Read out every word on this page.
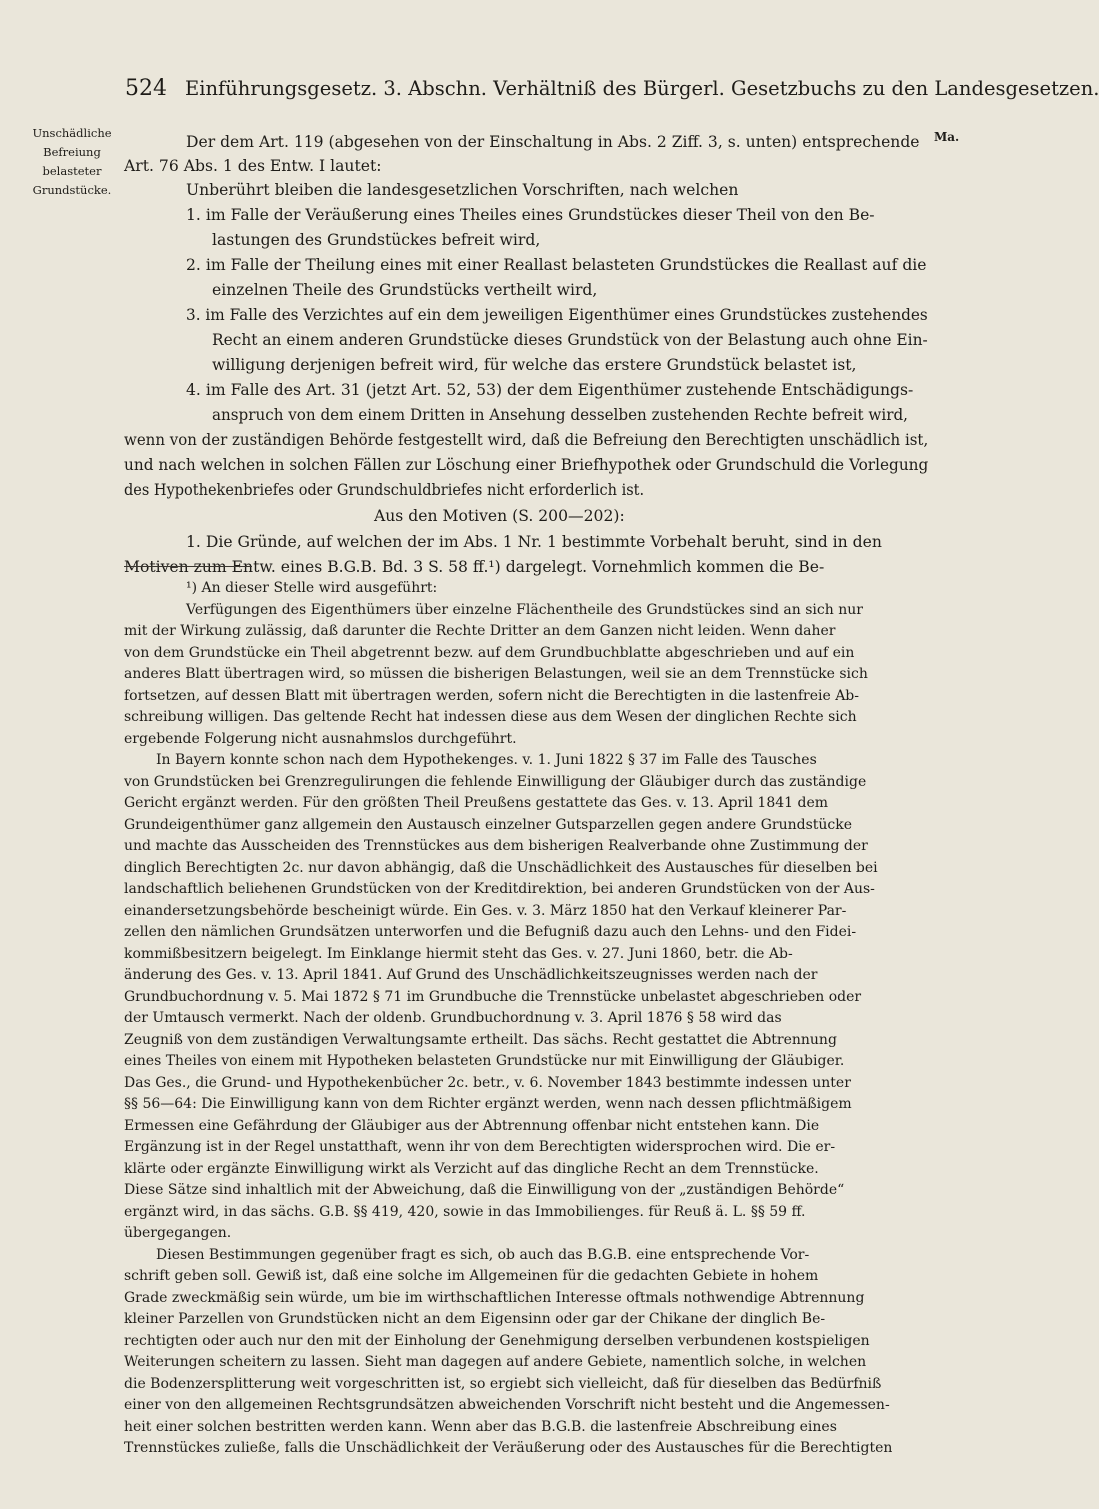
524 Einführungsgesetz. 3. Abschn. Verhältniß des Bürgerl. Gesetzbuchs zu den Landesgesetzen.
Unschädliche
Befreiung
belasteter
Grundstücke.
Ma.
Der dem Art. 119 (abgesehen von der Einschaltung in Abs. 2 Ziff. 3, s. unten) entsprechende
Art. 76 Abs. 1 des Entw. I lautet:
Unberührt bleiben die landesgesetzlichen Vorschriften, nach welchen
1. im Falle der Veräußerung eines Theiles eines Grundstückes dieser Theil von den Be-
lastungen des Grundstückes befreit wird,
2. im Falle der Theilung eines mit einer Reallast belasteten Grundstückes die Reallast auf die
einzelnen Theile des Grundstücks vertheilt wird,
3. im Falle des Verzichtes auf ein dem jeweiligen Eigenthümer eines Grundstückes zustehendes
Recht an einem anderen Grundstücke dieses Grundstück von der Belastung auch ohne Ein-
willigung derjenigen befreit wird, für welche das erstere Grundstück belastet ist,
4. im Falle des Art. 31 (jetzt Art. 52, 53) der dem Eigenthümer zustehende Entschädigungs-
anspruch von dem einem Dritten in Ansehung desselben zustehenden Rechte befreit wird,
wenn von der zuständigen Behörde festgestellt wird, daß die Befreiung den Berechtigten unschädlich ist,
und nach welchen in solchen Fällen zur Löschung einer Briefhypothek oder Grundschuld die Vorlegung
des Hypothekenbriefes oder Grundschuldbriefes nicht erforderlich ist.
Aus den Motiven (S. 200—202):
1. Die Gründe, auf welchen der im Abs. 1 Nr. 1 bestimmte Vorbehalt beruht, sind in den
Motiven zum Entw. eines B.G.B. Bd. 3 S. 58 ff.¹) dargelegt. Vornehmlich kommen die Be-
¹) An dieser Stelle wird ausgeführt:
Verfügungen des Eigenthümers über einzelne Flächentheile des Grundstückes sind an sich nur
mit der Wirkung zulässig, daß darunter die Rechte Dritter an dem Ganzen nicht leiden. Wenn daher
von dem Grundstücke ein Theil abgetrennt bezw. auf dem Grundbuchblatte abgeschrieben und auf ein
anderes Blatt übertragen wird, so müssen die bisherigen Belastungen, weil sie an dem Trennstücke sich
fortsetzen, auf dessen Blatt mit übertragen werden, sofern nicht die Berechtigten in die lastenfreie Ab-
schreibung willigen. Das geltende Recht hat indessen diese aus dem Wesen der dinglichen Rechte sich
ergebende Folgerung nicht ausnahmslos durchgeführt.
In Bayern konnte schon nach dem Hypothekenges. v. 1. Juni 1822 § 37 im Falle des Tausches
von Grundstücken bei Grenzregulirungen die fehlende Einwilligung der Gläubiger durch das zuständige
Gericht ergänzt werden. Für den größten Theil Preußens gestattete das Ges. v. 13. April 1841 dem
Grundeigenthümer ganz allgemein den Austausch einzelner Gutsparzellen gegen andere Grundstücke
und machte das Ausscheiden des Trennstückes aus dem bisherigen Realverbande ohne Zustimmung der
dinglich Berechtigten 2c. nur davon abhängig, daß die Unschädlichkeit des Austausches für dieselben bei
landschaftlich beliehenen Grundstücken von der Kreditdirektion, bei anderen Grundstücken von der Aus-
einandersetzungsbehörde bescheinigt würde. Ein Ges. v. 3. März 1850 hat den Verkauf kleinerer Par-
zellen den nämlichen Grundsätzen unterworfen und die Befugniß dazu auch den Lehns- und den Fidei-
kommißbesitzern beigelegt. Im Einklange hiermit steht das Ges. v. 27. Juni 1860, betr. die Ab-
änderung des Ges. v. 13. April 1841. Auf Grund des Unschädlichkeitszeugnisses werden nach der
Grundbuchordnung v. 5. Mai 1872 § 71 im Grundbuche die Trennstücke unbelastet abgeschrieben oder
der Umtausch vermerkt. Nach der oldenb. Grundbuchordnung v. 3. April 1876 § 58 wird das
Zeugniß von dem zuständigen Verwaltungsamte ertheilt. Das sächs. Recht gestattet die Abtrennung
eines Theiles von einem mit Hypotheken belasteten Grundstücke nur mit Einwilligung der Gläubiger.
Das Ges., die Grund- und Hypothekenbücher 2c. betr., v. 6. November 1843 bestimmte indessen unter
§§ 56—64: Die Einwilligung kann von dem Richter ergänzt werden, wenn nach dessen pflichtmäßigem
Ermessen eine Gefährdung der Gläubiger aus der Abtrennung offenbar nicht entstehen kann. Die
Ergänzung ist in der Regel unstatthaft, wenn ihr von dem Berechtigten widersprochen wird. Die er-
klärte oder ergänzte Einwilligung wirkt als Verzicht auf das dingliche Recht an dem Trennstücke.
Diese Sätze sind inhaltlich mit der Abweichung, daß die Einwilligung von der „zuständigen Behörde“
ergänzt wird, in das sächs. G.B. §§ 419, 420, sowie in das Immobilienges. für Reuß ä. L. §§ 59 ff.
übergegangen.
Diesen Bestimmungen gegenüber fragt es sich, ob auch das B.G.B. eine entsprechende Vor-
schrift geben soll. Gewiß ist, daß eine solche im Allgemeinen für die gedachten Gebiete in hohem
Grade zweckmäßig sein würde, um bie im wirthschaftlichen Interesse oftmals nothwendige Abtrennung
kleiner Parzellen von Grundstücken nicht an dem Eigensinn oder gar der Chikane der dinglich Be-
rechtigten oder auch nur den mit der Einholung der Genehmigung derselben verbundenen kostspieligen
Weiterungen scheitern zu lassen. Sieht man dagegen auf andere Gebiete, namentlich solche, in welchen
die Bodenzersplitterung weit vorgeschritten ist, so ergiebt sich vielleicht, daß für dieselben das Bedürfniß
einer von den allgemeinen Rechtsgrundsätzen abweichenden Vorschrift nicht besteht und die Angemessen-
heit einer solchen bestritten werden kann. Wenn aber das B.G.B. die lastenfreie Abschreibung eines
Trennstückes zuließe, falls die Unschädlichkeit der Veräußerung oder des Austausches für die Berechtigten
